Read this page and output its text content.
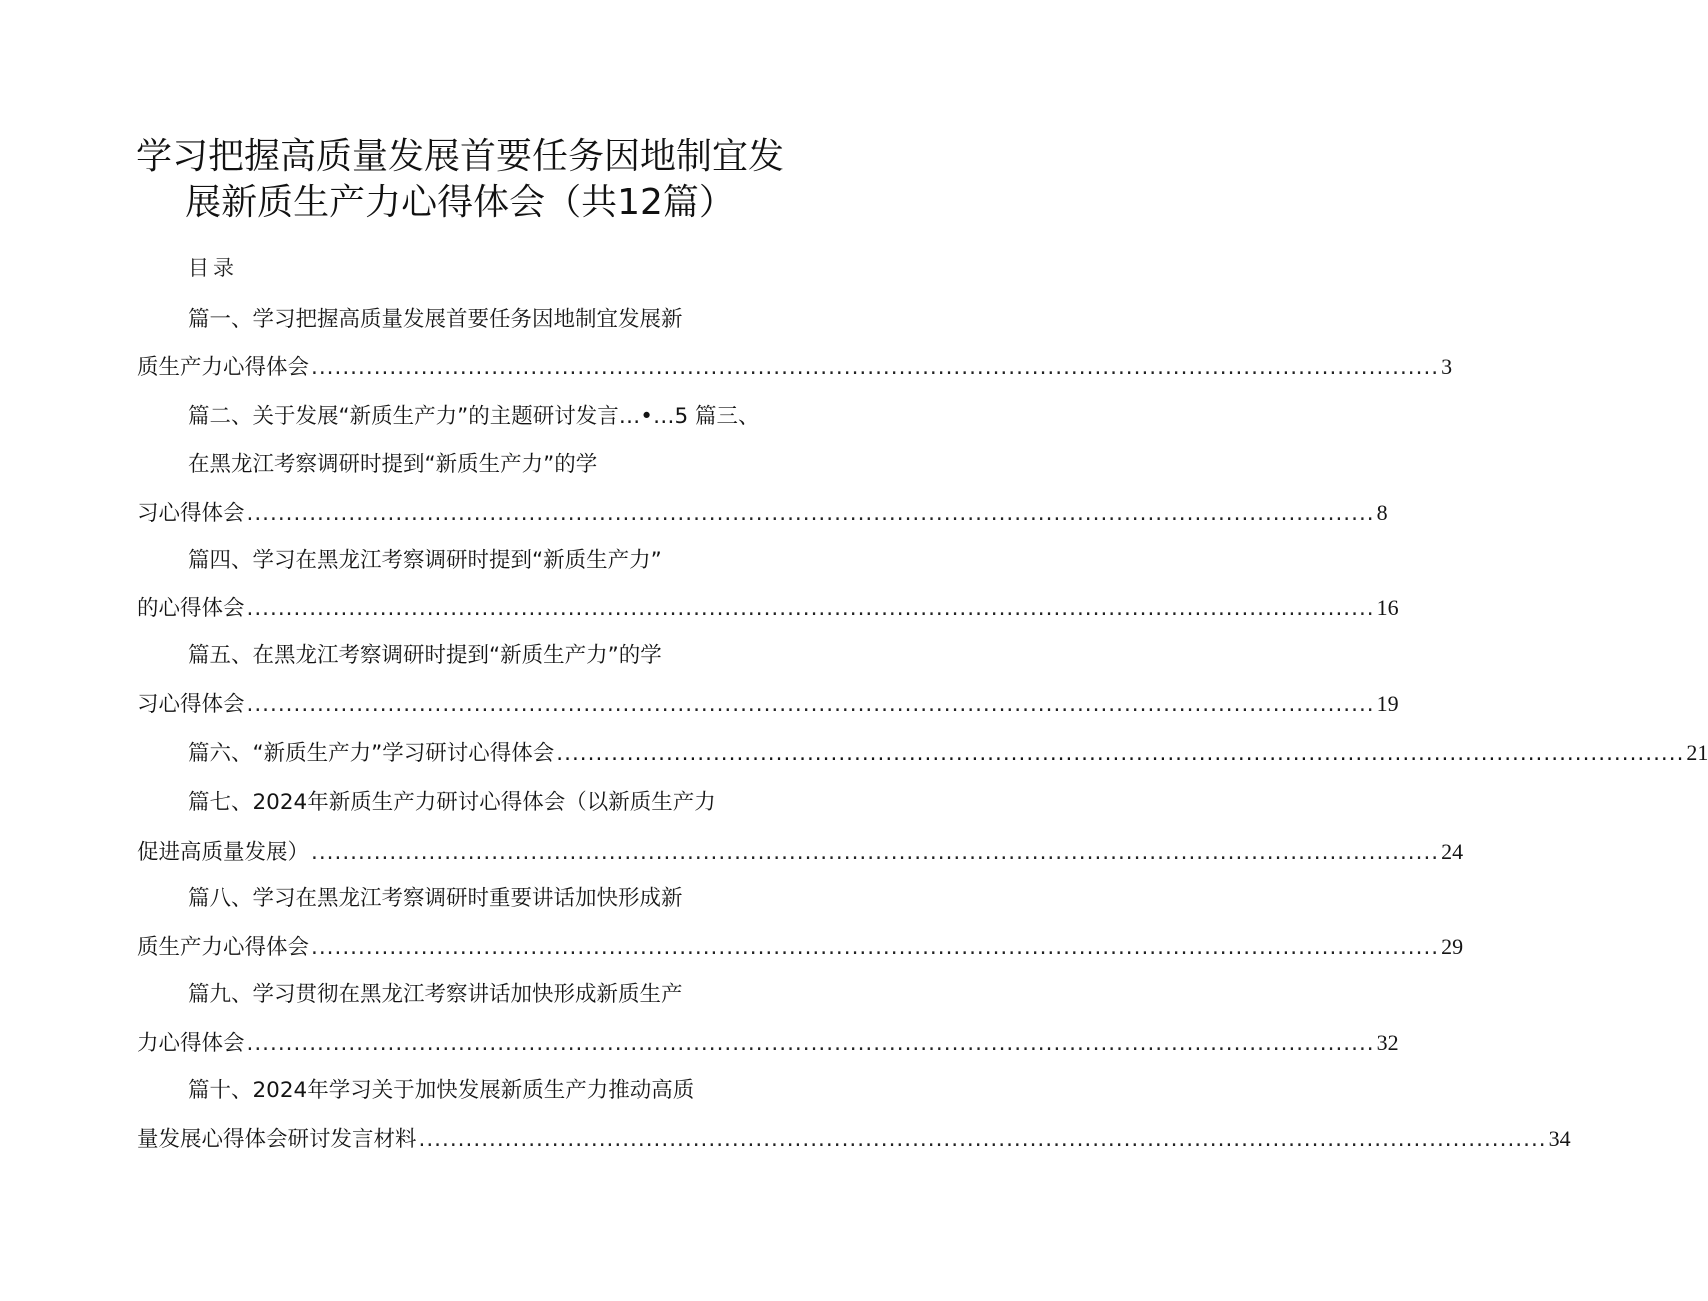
学习把握高质量发展首要任务因地制宜发
展新质生产力心得体会（共12篇）
目录
篇一、学习把握高质量发展首要任务因地制宜发展新
质生产力心得体会 ................................................................................................................................................ 3
篇二、关于发展“新质生产力”的主题研讨发言…•…5 篇三、
在黑龙江考察调研时提到“新质生产力”的学
习心得体会 ................................................................................................................................................ 8
篇四、学习在黑龙江考察调研时提到“新质生产力”
的心得体会 ................................................................................................................................................ 16
篇五、在黑龙江考察调研时提到“新质生产力”的学
习心得体会 ................................................................................................................................................ 19
篇六、“新质生产力”学习研讨心得体会 ................................................................................................................................................ 21
篇七、2024年新质生产力研讨心得体会（以新质生产力
促进高质量发展） ................................................................................................................................................ 24
篇八、学习在黑龙江考察调研时重要讲话加快形成新
质生产力心得体会 ................................................................................................................................................ 29
篇九、学习贯彻在黑龙江考察讲话加快形成新质生产
力心得体会 ................................................................................................................................................ 32
篇十、2024年学习关于加快发展新质生产力推动高质
量发展心得体会研讨发言材料 ................................................................................................................................................ 34
